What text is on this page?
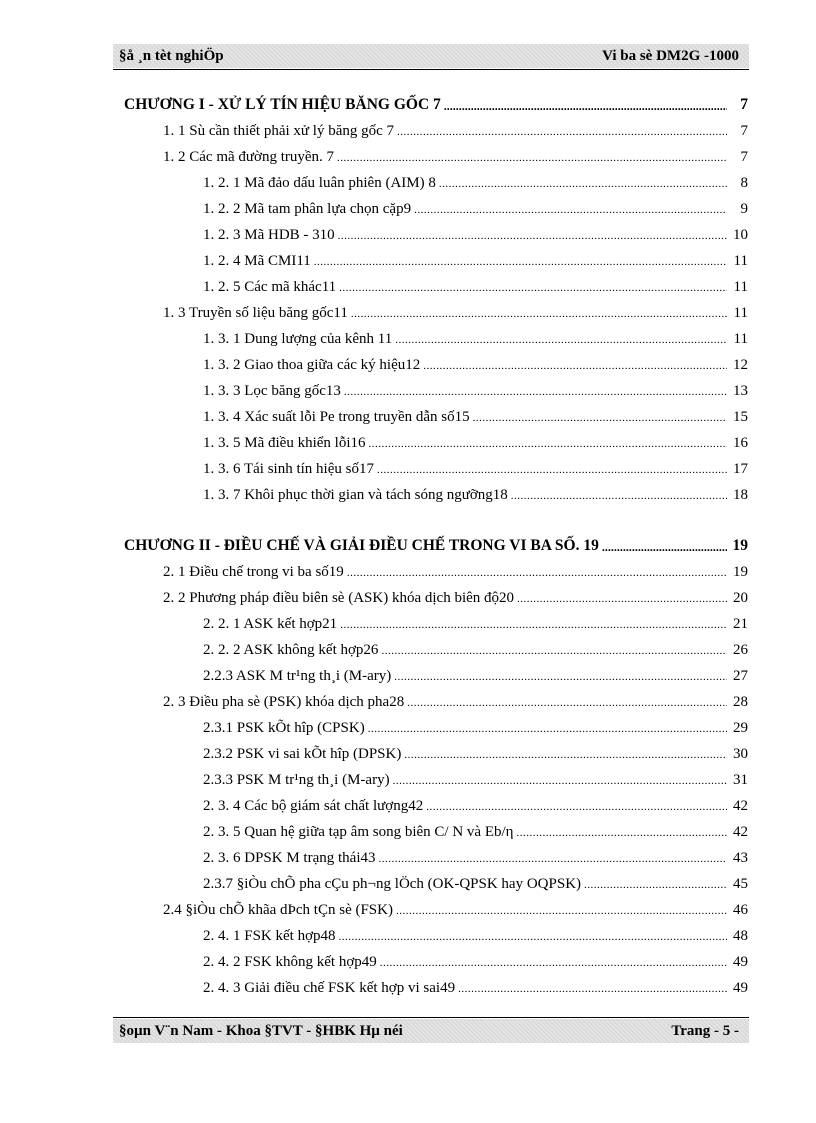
§å ¸n tèt nghiÖp	Vi ba sè DM2G -1000
CHƯƠNG I - XỬ LÝ TÍN HIỆU BĂNG GỐC 7 .....	7
1. 1 Sù cần thiết phải xử lý băng gốc 7 .....	7
1. 2 Các mã đường truyền. 7 .....	7
1. 2. 1 Mã đảo dấu luân phiên (AIM) 8 .....	8
1. 2. 2 Mã tam phân lựa chọn cặp9 .....	9
1. 2. 3 Mã HDB - 310 .....	10
1. 2. 4 Mã CMI11 .....	11
1. 2. 5 Các mã khác11 .....	11
1. 3 Truyền số liệu băng gốc11 .....	11
1. 3. 1 Dung lượng của kênh 11 .....	11
1. 3. 2 Giao thoa giữa các ký hiệu12 .....	12
1. 3. 3 Lọc băng gốc13 .....	13
1. 3. 4 Xác suất lỗi Pe trong truyền dẫn số15 .....	15
1. 3. 5 Mã điều khiển lỗi16 .....	16
1. 3. 6 Tái sinh tín hiệu số17 .....	17
1. 3. 7 Khôi phục thời gian và tách sóng ngưỡng18 .....	18
CHƯƠNG II - ĐIỀU CHẾ VÀ GIẢI ĐIỀU CHẾ TRONG VI BA SỐ. 19 .....	19
2. 1 Điều chế trong vi ba số19 .....	19
2. 2 Phương pháp điều biên sè (ASK) khóa dịch biên độ20 .....	20
2. 2. 1 ASK kết hợp21 .....	21
2. 2. 2 ASK không kết hợp26 .....	26
2.2.3 ASK M tr¹ng th¸i (M-ary) .....	27
2. 3 Điều pha sè (PSK) khóa dịch pha28 .....	28
2.3.1 PSK kÕt hîp (CPSK) .....	29
2.3.2 PSK vi sai kÕt hîp (DPSK) .....	30
2.3.3 PSK M tr¹ng th¸i (M-ary) .....	31
2. 3. 4 Các bộ giám sát chất lượng42 .....	42
2. 3. 5 Quan hệ giữa tạp âm song biên C/ N và Eb/η .....	42
2. 3. 6 DPSK M trạng thái43 .....	43
2.3.7 §iÒu chÕ pha cÇu ph¬ng lÖch (OK-QPSK hay OQPSK) .....	45
2.4 §iÒu chÕ khãa dÞch tÇn sè (FSK) .....	46
2. 4. 1 FSK kết hợp48 .....	48
2. 4. 2 FSK không kết hợp49 .....	49
2. 4. 3 Giải điều chế FSK kết hợp vi sai49 .....	49
§oµn V¨n Nam - Khoa §TVT - §HBK Hµ néi	Trang - 5 -
